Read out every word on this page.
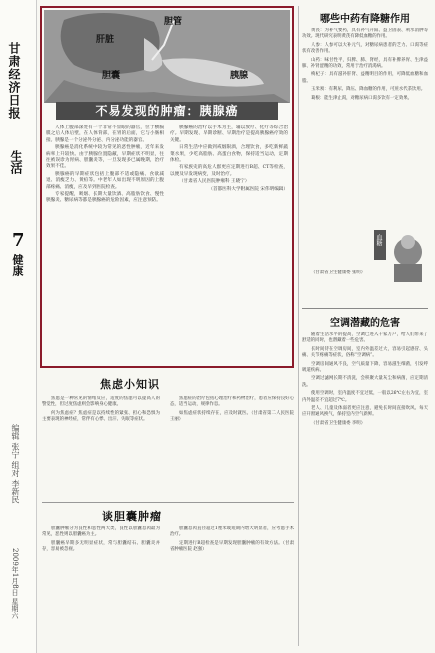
甘肃经济日报
生活
7
健康
编辑 张宁 组对 李新民
2009年1月8日 星期六
肝脏
胆管
胆囊	胰腺
不易发现的肿瘤：胰腺癌

人体上腹部深处有一个非常不显眼的器官，位于横膈膜之后人体后壁，在人体背部，在胃的后面，它与小肠相接。胰腺是一个分泌外分泌、内分泌功能的器官。

胰腺癌是消化系统中较为常见的恶性肿瘤，近年来发病率上升较快。由于胰腺位置隐蔽，早期症状不明显，往往被误诊为胃病、胆囊炎等，一旦发现多已属晚期，治疗效果不佳。

胰腺癌的早期症状包括上腹部不适或隐痛、食欲减退、消瘦乏力、黄疸等。中老年人如出现不明原因的上腹部疼痛、消瘦，应及早到医院检查。

专家提醒，吸烟、长期大量饮酒、高脂肪饮食、慢性胰腺炎、糖尿病等都是胰腺癌的危险因素，应注意预防。

胰腺癌的治疗以手术为主，辅以放疗、化疗等综合治疗。早期发现、早期诊断、早期治疗是提高胰腺癌疗效的关键。

日常生活中应做到戒烟限酒，合理饮食，多吃新鲜蔬菜水果，少吃高脂肪、高蛋白食物，保持适当运动，定期体检。

有家族史的高危人群更应定期进行B超、CT等检查，以便及早发现病变，及时治疗。

（甘肃省人民医院肿瘤科 王晓宁）

（首都医科大学附属医院 宋伟明编辑）

哪些中药有降糖作用

黄芪：为补气要药，具有补气升阳、益卫固表、利水消肿等功效。现代研究表明黄芪有降低血糖的作用。

人参：人参可以大补元气，对糖尿病患者的乏力、口渴等症状有改善作用。

山药：味甘性平，归脾、肺、肾经，具有补脾养胃、生津益肺、补肾涩精的功效，常用于治疗消渴病。

枸杞子：具有滋补肝肾、益精明目的作用，可降低血糖和血脂。

玉米须：有利尿、降压、降血糖的作用，可煎水代茶饮用。

葛根：能生津止渴，对糖尿病口渴多饮有一定效果。

血糖

（甘肃省卫生健康委 张明）

空调潜藏的危害

随着生活水平的提高，空调已进入千家万户，给人们带来了舒适的同时，也潜藏着一些危害。

长时间待在空调房间，室内外温差过大，容易引起感冒、头痛、关节疼痛等症状，俗称“空调病”。

空调房间通风不良，空气质量下降，容易滋生细菌，引发呼吸道疾病。

空调过滤网长期不清洗，会积聚大量灰尘和病菌，应定期清洗。

使用空调时，室内温度不宜过低，一般以26℃左右为宜，室内外温差不宜超过7℃。

老人、儿童及体弱者更应注意，避免长时间直接吹风。每天应开窗通风换气，保持室内空气新鲜。

（甘肃省卫生健康委 李明）

焦虑小知识

焦虑是一种常见的情绪反应，适度的焦虑可以提高人的警觉性，但过度焦虑则会影响身心健康。

何为焦虑症？焦虑症是以持续性的紧张、担心和恐惧为主要表现的神经症，常伴有心悸、出汗、失眠等症状。

焦虑症的治疗包括心理治疗和药物治疗，患者应保持良好心态，适当运动，规律作息。

如焦虑症状持续存在，应及时就医。（甘肃省第二人民医院 王丽）

谈胆囊肿瘤

胆囊肿瘤分为良性和恶性两大类，良性以胆囊息肉最为常见，恶性则以胆囊癌为主。

胆囊癌早期多无明显症状，常与胆囊结石、胆囊炎并存，容易被忽视。

胆囊息肉直径超过1厘米或短期内增大明显者，应考虑手术治疗。

定期进行B超检查是早期发现胆囊肿瘤的有效方法。（甘肃省肿瘤医院 赵强）
